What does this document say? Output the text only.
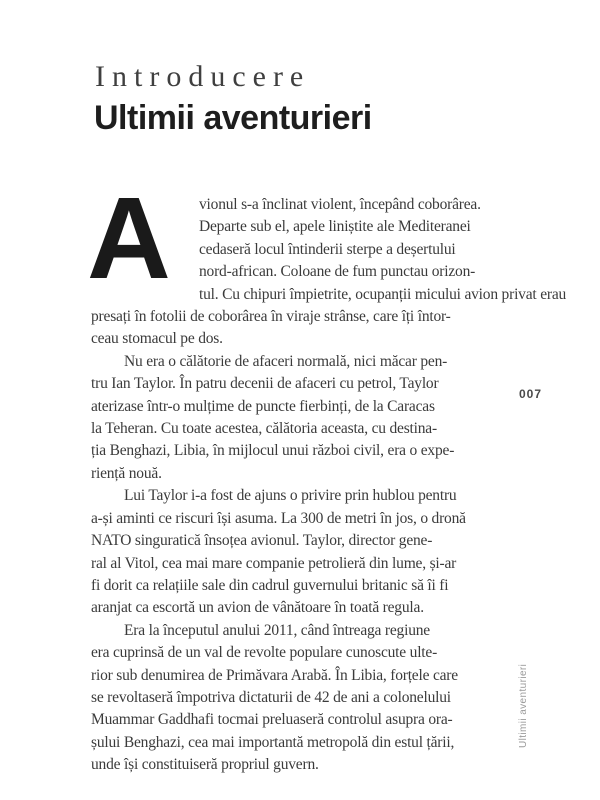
Introducere
Ultimii aventurieri

A	vionul s-a înclinat violent, începând coborârea.
Departe sub el, apele liniștite ale Mediteranei
cedaseră locul întinderii sterpe a deșertului
nord-african. Coloane de fum punctau orizon-
tul. Cu chipuri împietrite, ocupanții micului avion privat erau
presați în fotolii de coborârea în viraje strânse, care îți întor-
ceau stomacul pe dos.

Nu era o călătorie de afaceri normală, nici măcar pen-
tru Ian Taylor. În patru decenii de afaceri cu petrol, Taylor
aterizase într-o mulțime de puncte fierbinți, de la Caracas
la Teheran. Cu toate acestea, călătoria aceasta, cu destina-
ția Benghazi, Libia, în mijlocul unui război civil, era o expe-
riență nouă.

Lui Taylor i-a fost de ajuns o privire prin hublou pentru
a-și aminti ce riscuri își asuma. La 300 de metri în jos, o dronă
NATO singuratică însoțea avionul. Taylor, director gene-
ral al Vitol, cea mai mare companie petrolieră din lume, și-ar
fi dorit ca relațiile sale din cadrul guvernului britanic să îi fi
aranjat ca escortă un avion de vânătoare în toată regula.

Era la începutul anului 2011, când întreaga regiune
era cuprinsă de un val de revolte populare cunoscute ulte-
rior sub denumirea de Primăvara Arabă. În Libia, forțele care
se revoltaseră împotriva dictaturii de 42 de ani a colonelului
Muammar Gaddhafi tocmai preluaseră controlul asupra ora-
șului Benghazi, cea mai importantă metropolă din estul țării,
unde își constituiseră propriul guvern.

007
Ultimii aventurieri
